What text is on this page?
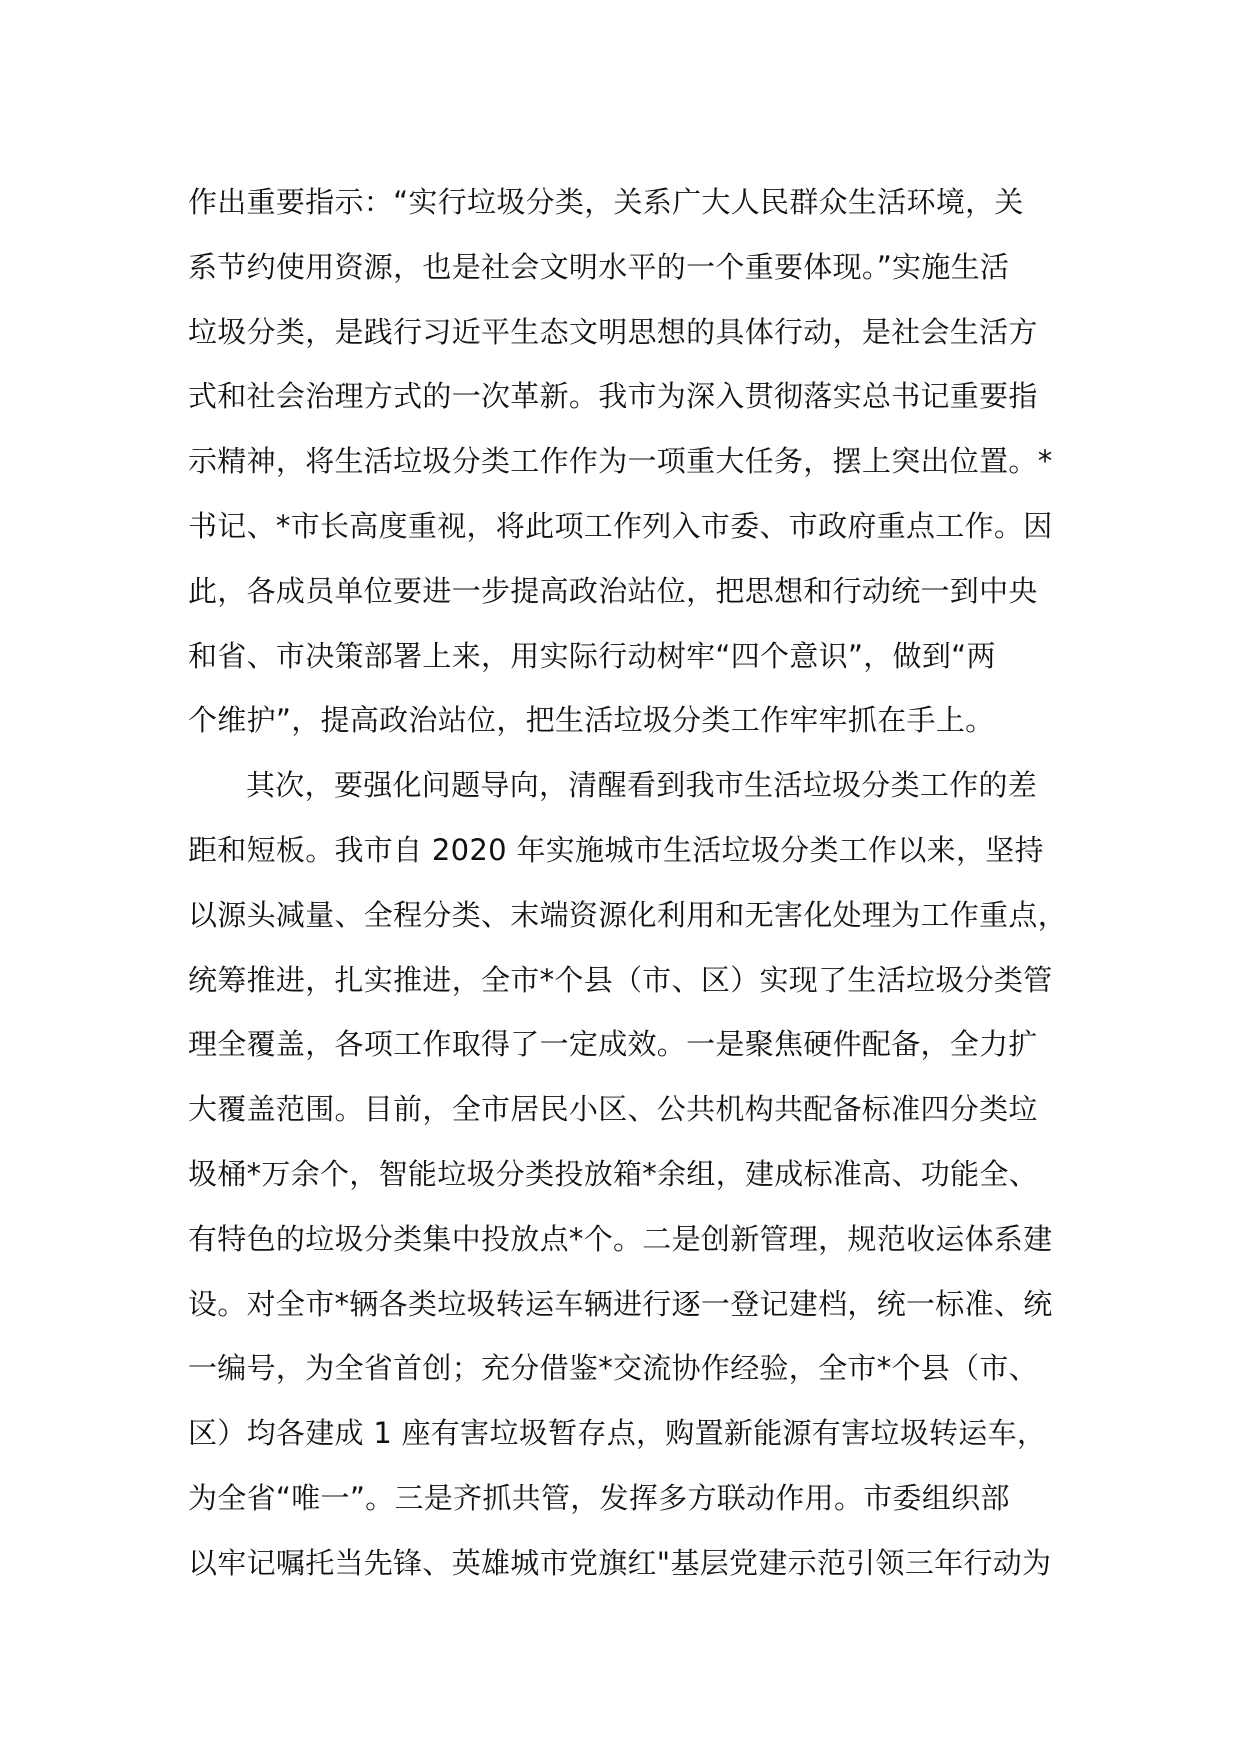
作出重要指示：“实行垃圾分类，关系广大人民群众生活环境，关
系节约使用资源，也是社会文明水平的一个重要体现。”实施生活
垃圾分类，是践行习近平生态文明思想的具体行动，是社会生活方
式和社会治理方式的一次革新。我市为深入贯彻落实总书记重要指
示精神，将生活垃圾分类工作作为一项重大任务，摆上突出位置。*
书记、*市长高度重视，将此项工作列入市委、市政府重点工作。因
此，各成员单位要进一步提高政治站位，把思想和行动统一到中央
和省、市决策部署上来，用实际行动树牢“四个意识”，做到“两
个维护”，提高政治站位，把生活垃圾分类工作牢牢抓在手上。
其次，要强化问题导向，清醒看到我市生活垃圾分类工作的差
距和短板。我市自 2020 年实施城市生活垃圾分类工作以来，坚持
以源头减量、全程分类、末端资源化利用和无害化处理为工作重点，
统筹推进，扎实推进，全市*个县（市、区）实现了生活垃圾分类管
理全覆盖，各项工作取得了一定成效。一是聚焦硬件配备，全力扩
大覆盖范围。目前，全市居民小区、公共机构共配备标准四分类垃
圾桶*万余个，智能垃圾分类投放箱*余组，建成标准高、功能全、
有特色的垃圾分类集中投放点*个。二是创新管理，规范收运体系建
设。对全市*辆各类垃圾转运车辆进行逐一登记建档，统一标准、统
一编号，为全省首创；充分借鉴*交流协作经验，全市*个县（市、
区）均各建成 1 座有害垃圾暂存点，购置新能源有害垃圾转运车，
为全省“唯一”。三是齐抓共管，发挥多方联动作用。市委组织部
以牢记嘱托当先锋、英雄城市党旗红"基层党建示范引领三年行动为
